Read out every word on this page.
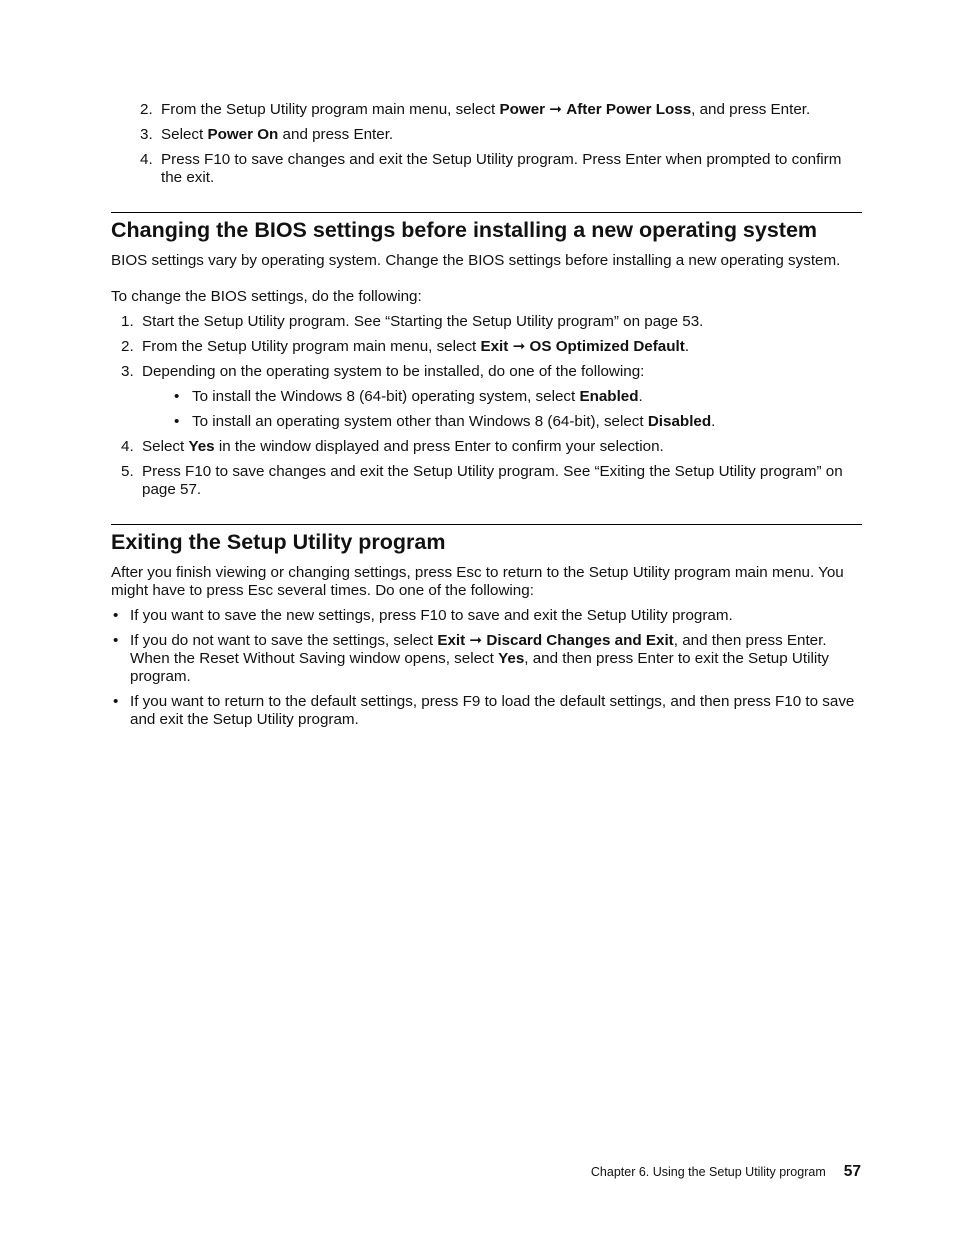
2. From the Setup Utility program main menu, select Power ➞ After Power Loss, and press Enter.
3. Select Power On and press Enter.
4. Press F10 to save changes and exit the Setup Utility program. Press Enter when prompted to confirm the exit.
Changing the BIOS settings before installing a new operating system

BIOS settings vary by operating system. Change the BIOS settings before installing a new operating system.

To change the BIOS settings, do the following:

1. Start the Setup Utility program. See “Starting the Setup Utility program” on page 53.
2. From the Setup Utility program main menu, select Exit ➞ OS Optimized Default.
3. Depending on the operating system to be installed, do one of the following:
• To install the Windows 8 (64-bit) operating system, select Enabled.
• To install an operating system other than Windows 8 (64-bit), select Disabled.
4. Select Yes in the window displayed and press Enter to confirm your selection.
5. Press F10 to save changes and exit the Setup Utility program. See “Exiting the Setup Utility program” on page 57.
Exiting the Setup Utility program

After you finish viewing or changing settings, press Esc to return to the Setup Utility program main menu. You might have to press Esc several times. Do one of the following:

• If you want to save the new settings, press F10 to save and exit the Setup Utility program.
• If you do not want to save the settings, select Exit ➞ Discard Changes and Exit, and then press Enter. When the Reset Without Saving window opens, select Yes, and then press Enter to exit the Setup Utility program.
• If you want to return to the default settings, press F9 to load the default settings, and then press F10 to save and exit the Setup Utility program.
Chapter 6. Using the Setup Utility program 57
